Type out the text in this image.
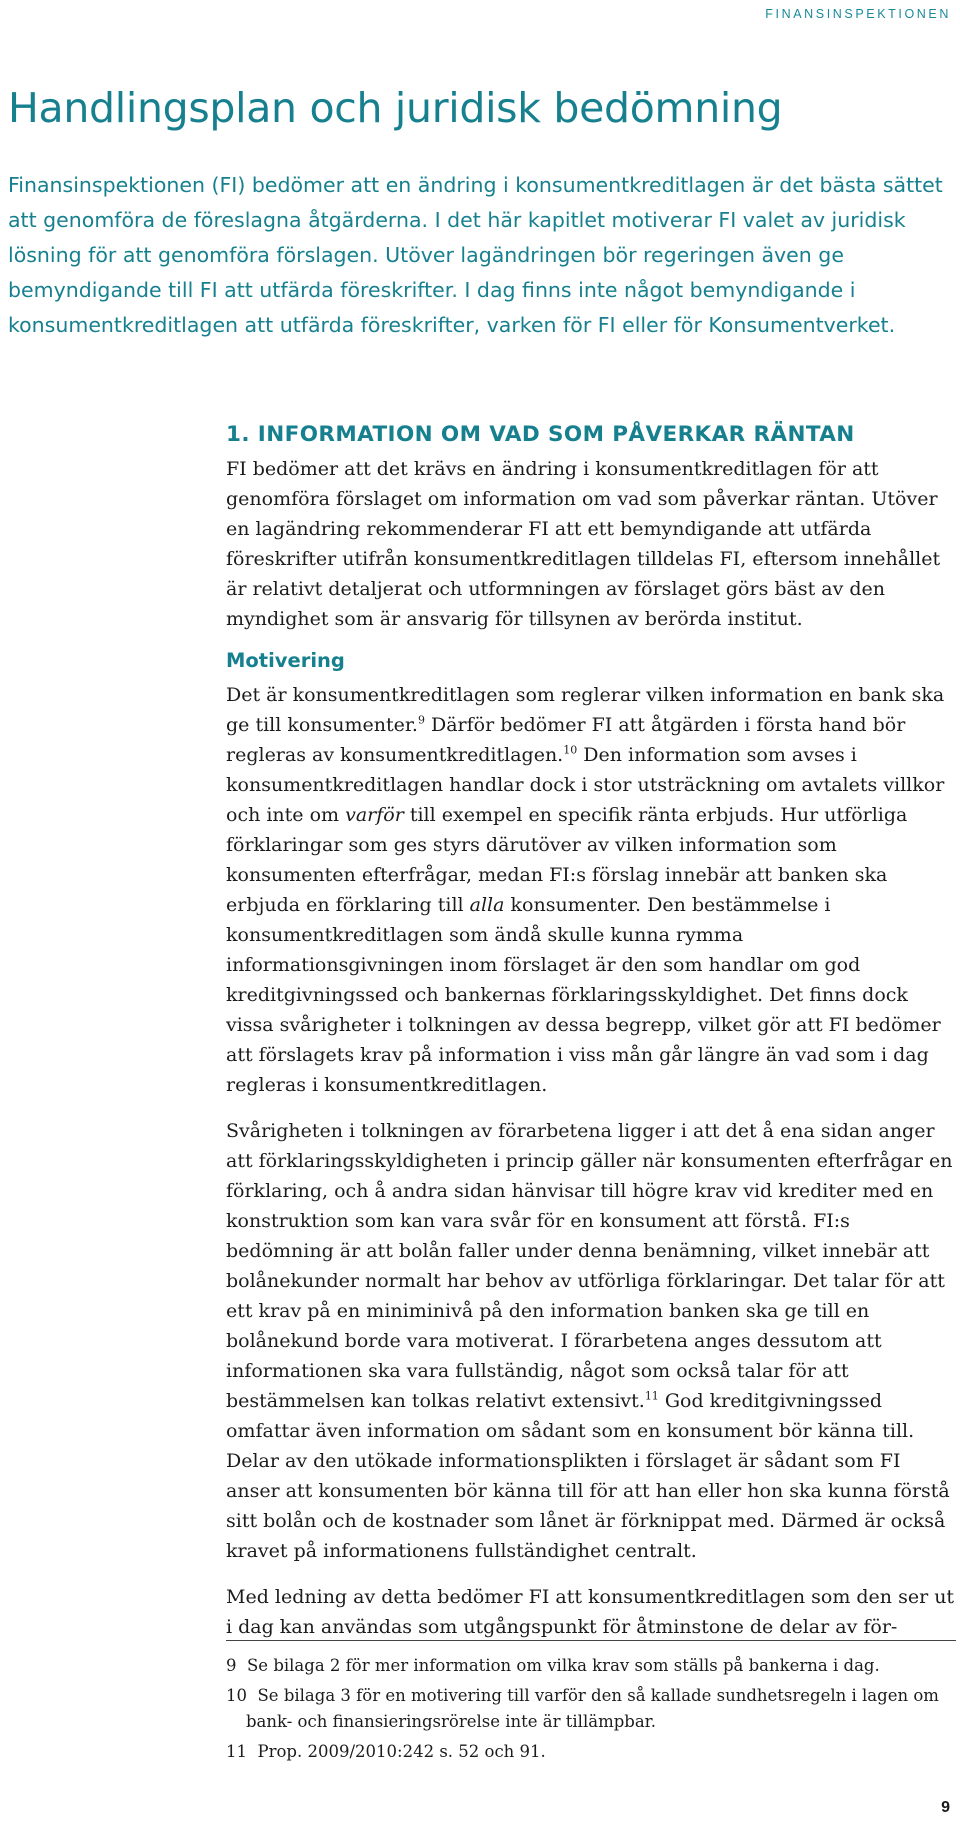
FINANSINSPEKTIONEN
Handlingsplan och juridisk bedömning

Finansinspektionen (FI) bedömer att en ändring i konsumentkreditlagen är det bästa sättet att genomföra de föreslagna åtgärderna. I det här kapitlet motiverar FI valet av juridisk lösning för att genomföra förslagen. Utöver lagändringen bör regeringen även ge bemyndigande till FI att utfärda föreskrifter. I dag finns inte något bemyndigande i konsumentkreditlagen att utfärda föreskrifter, varken för FI eller för Konsumentverket.

1. INFORMATION OM VAD SOM PÅVERKAR RÄNTAN

FI bedömer att det krävs en ändring i konsumentkreditlagen för att genomföra förslaget om information om vad som påverkar räntan. Utöver en lagändring rekommenderar FI att ett bemyndigande att utfärda föreskrifter utifrån konsumentkreditlagen tilldelas FI, eftersom innehållet är relativt detaljerat och utformningen av förslaget görs bäst av den myndighet som är ansvarig för tillsynen av berörda institut.

Motivering

Det är konsumentkreditlagen som reglerar vilken information en bank ska ge till konsumenter.$^9$ Därför bedömer FI att åtgärden i första hand bör regleras av konsumentkreditlagen.$^{10}$ Den information som avses i konsumentkreditlagen handlar dock i stor utsträckning om avtalets villkor och inte om varför till exempel en specifik ränta erbjuds. Hur utförliga förklaringar som ges styrs därutöver av vilken information som konsumenten efterfrågar, medan FI:s förslag innebär att banken ska erbjuda en förklaring till alla konsumenter. Den bestämmelse i konsumentkreditlagen som ändå skulle kunna rymma informationsgivningen inom förslaget är den som handlar om god kreditgivningssed och bankernas förklaringsskyldighet. Det finns dock vissa svårigheter i tolkningen av dessa begrepp, vilket gör att FI bedömer att förslagets krav på information i viss mån går längre än vad som i dag regleras i konsumentkreditlagen.

Svårigheten i tolkningen av förarbetena ligger i att det å ena sidan anger att förklaringsskyldigheten i princip gäller när konsumenten efterfrågar en förklaring, och å andra sidan hänvisar till högre krav vid krediter med en konstruktion som kan vara svår för en konsument att förstå. FI:s bedömning är att bolån faller under denna benämning, vilket innebär att bolånekunder normalt har behov av utförliga förklaringar. Det talar för att ett krav på en miniminivå på den information banken ska ge till en bolånekund borde vara motiverat. I förarbetena anges dessutom att informationen ska vara fullständig, något som också talar för att bestämmelsen kan tolkas relativt extensivt.$^{11}$ God kreditgivningssed omfattar även information om sådant som en konsument bör känna till. Delar av den utökade informationsplikten i förslaget är sådant som FI anser att konsumenten bör känna till för att han eller hon ska kunna förstå sitt bolån och de kostnader som lånet är förknippat med. Därmed är också kravet på informationens fullständighet centralt.

Med ledning av detta bedömer FI att konsumentkreditlagen som den ser ut i dag kan användas som utgångspunkt för åtminstone de delar av för-

9 Se bilaga 2 för mer information om vilka krav som ställs på bankerna i dag.
10 Se bilaga 3 för en motivering till varför den så kallade sundhetsregeln i lagen om bank- och finansieringsrörelse inte är tillämpbar.
11 Prop. 2009/2010:242 s. 52 och 91.
9
